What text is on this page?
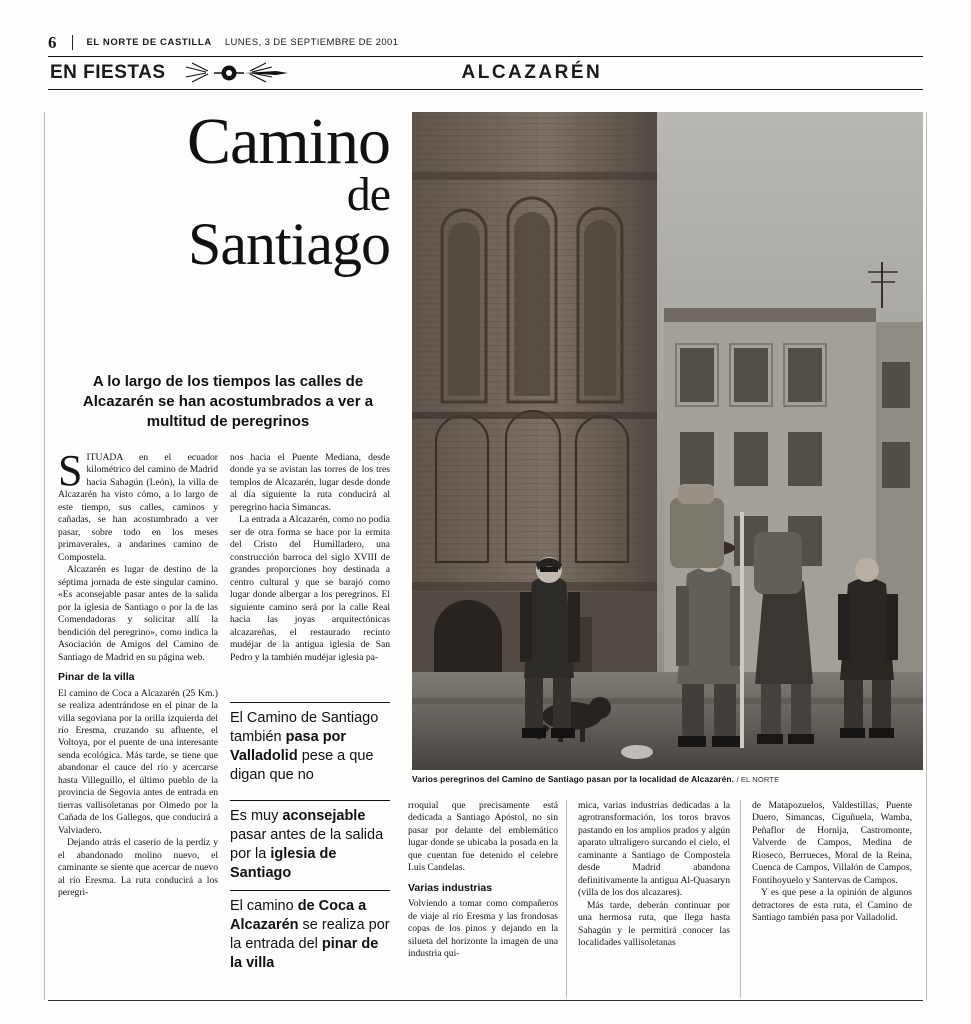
6	EL NORTE DE CASTILLA	LUNES, 3 DE SEPTIEMBRE DE 2001
EN FIESTAS	ALCAZARÉN
Camino
de
Santiago
A lo largo de los tiempos las calles de Alcazarén se han acostumbrados a ver a multitud de peregrinos
Varios peregrinos del Camino de Santiago pasan por la localidad de Alcazarén. / EL NORTE

SITUADA en el ecuador kilométrico del camino de Madrid hacia Sahagún (León), la villa de Alcazarén ha visto cómo, a lo largo de este tiempo, sus calles, caminos y cañadas, se han acostumbrado a ver pasar, sobre todo en los meses primaverales, a andarines camino de Compostela.

Alcazarén es lugar de destino de la séptima jornada de este singular camino. «Es aconsejable pasar antes de la salida por la iglesia de Santiago o por la de las Comendadoras y solicitar allí la bendición del peregrino», como indica la Asociación de Amigos del Camino de Santiago de Madrid en su página web.

Pinar de la villa

El camino de Coca a Alcazarén (25 Km.) se realiza adentrándose en el pinar de la villa segoviana por la orilla izquierda del río Eresma, cruzando su afluente, el Voltoya, por el puente de una interesante senda ecológica. Más tarde, se tiene que abandonar el cauce del río y acercarse hasta Villeguillo, el último pueblo de la provincia de Segovia antes de entrada en tierras vallisoletanas por Olmedo por la Cañada de los Gallegos, que conducirá a Valviadero.

Dejando atrás el caserío de la perdiz y el abandonado molino nuevo, el caminante se siente que acercar de nuevo al río Eresma. La ruta conducirá a los peregri-

nos hacia el Puente Mediana, desde donde ya se avistan las torres de los tres templos de Alcazarén, lugar desde donde al día siguiente la ruta conducirá al peregrino hacia Simancas.

La entrada a Alcazarén, como no podía ser de otra forma se hace por la ermita del Cristo del Humilladero, una construcción barroca del siglo XVIII de grandes proporciones hoy destinada a centro cultural y que se barajó como lugar donde albergar a los peregrinos. El siguiente camino será por la calle Real hacia las joyas arquitectónicas alcazareñas, el restaurado recinto mudéjar de la antigua iglesia de San Pedro y la también mudéjar iglesia pa-

El Camino de Santiago también pasa por Valladolid pese a que digan que no
Es muy aconsejable pasar antes de la salida por la iglesia de Santiago
El camino de Coca a Alcazarén se realiza por la entrada del pinar de la villa

rroquial que precisamente está dedicada a Santiago Apóstol, no sin pasar por delante del emblemático lugar donde se ubicaba la posada en la que cuentan fue detenido el celebre Luis Candelas.

Varias industrias

Volviendo a tomar como compañeros de viaje al río Eresma y las frondosas copas de los pinos y dejando en la silueta del horizonte la imagen de una industria qui-

mica, varias industrias dedicadas a la agrotransformación, los toros bravos pastando en los amplios prados y algún aparato ultraligero surcando el cielo, el caminante a Santiago de Compostela desde Madrid abandona definitivamente la antigua Al-Quasaryn (villa de los dos alcazares).

Más tarde, deberán continuar por una hermosa ruta, que llega hasta Sahagún y le permitirá conocer las localidades vallisoletanas

de Matapozuelos, Valdestillas, Puente Duero, Simancas, Ciguñuela, Wamba, Peñaflor de Hornija, Castromonte, Valverde de Campos, Medina de Rioseco, Berrueces, Moral de la Reina, Cuenca de Campos, Villalón de Campos, Fontihoyuelo y Santervas de Campos.

Y es que pese a la opinión de algunos detractores de esta ruta, el Camino de Santiago también pasa por Valladolid.
